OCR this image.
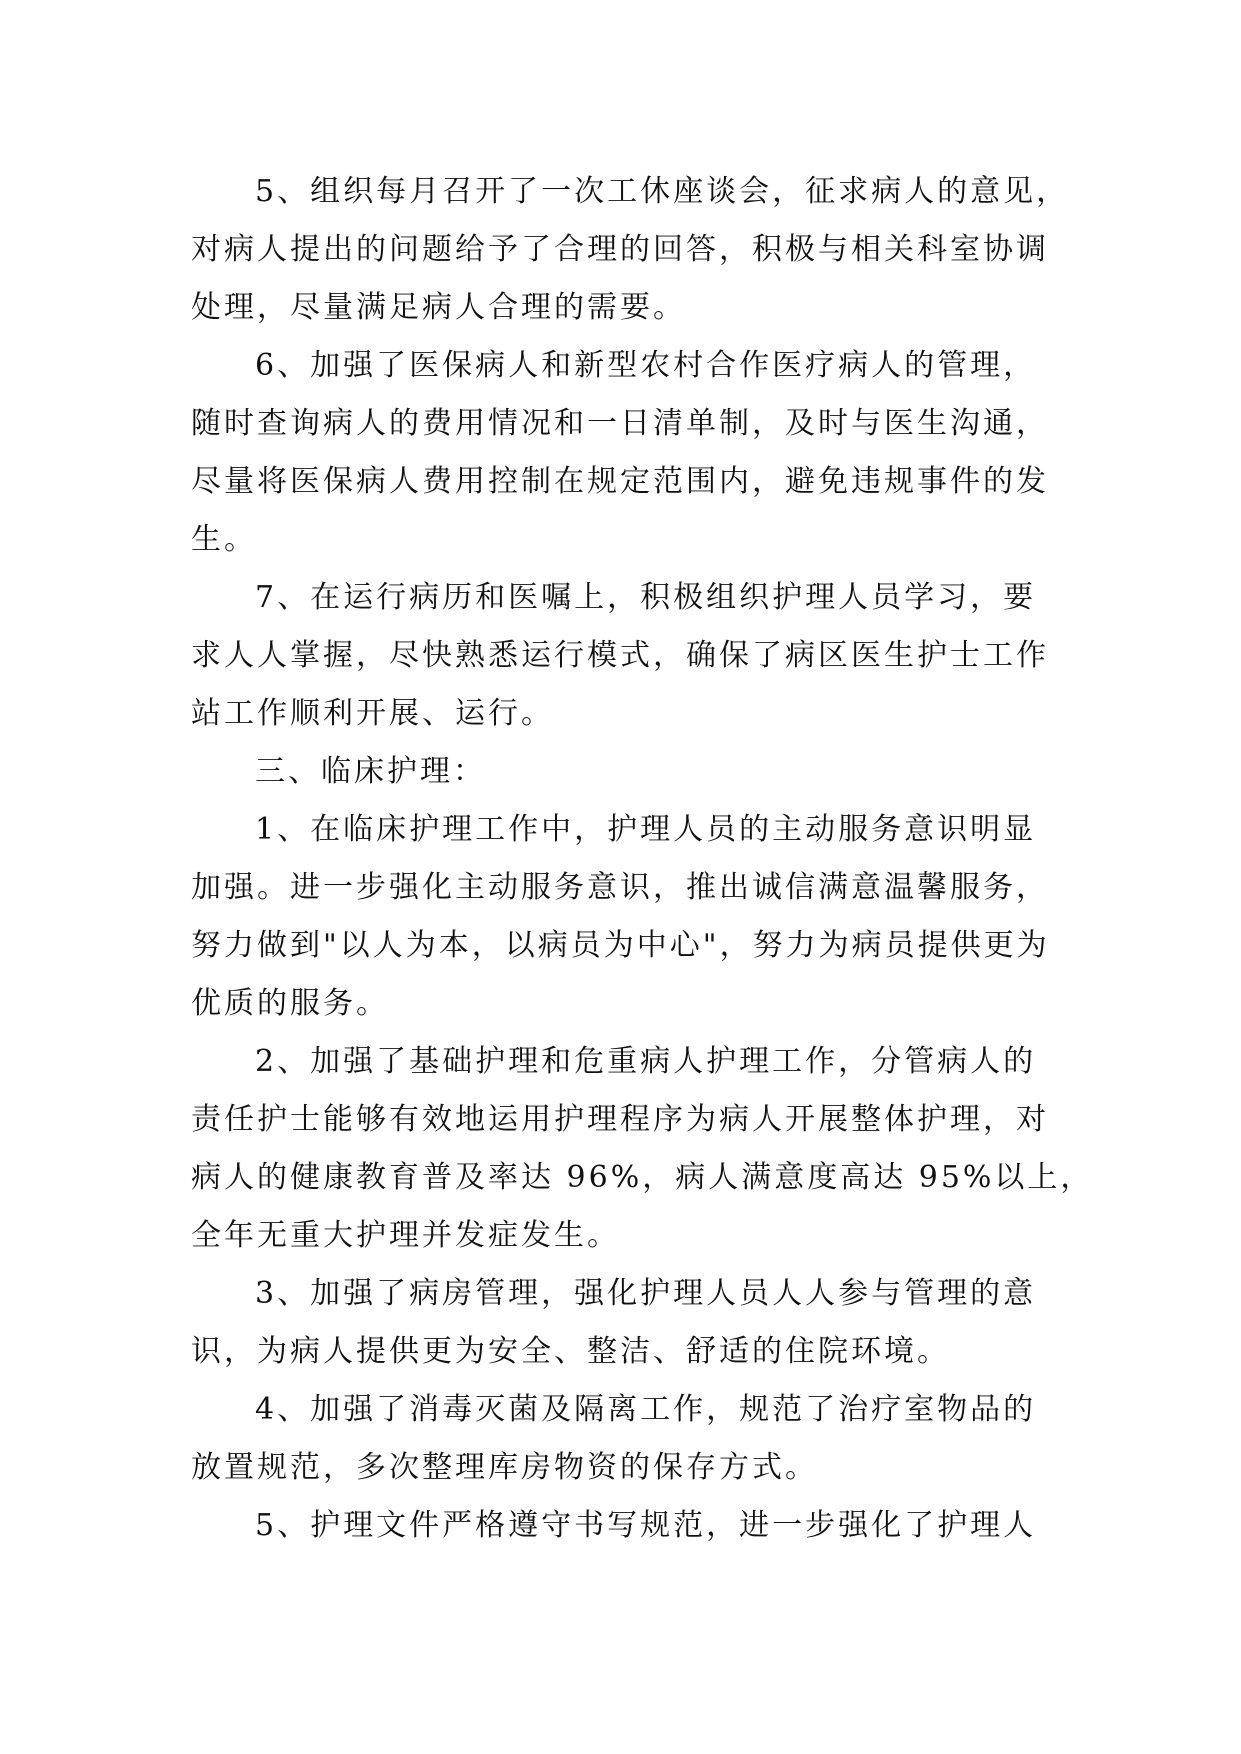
5、组织每月召开了一次工休座谈会，征求病人的意见，
对病人提出的问题给予了合理的回答，积极与相关科室协调
处理，尽量满足病人合理的需要。
6、加强了医保病人和新型农村合作医疗病人的管理，
随时查询病人的费用情况和一日清单制，及时与医生沟通，
尽量将医保病人费用控制在规定范围内，避免违规事件的发
生。
7、在运行病历和医嘱上，积极组织护理人员学习，要
求人人掌握，尽快熟悉运行模式，确保了病区医生护士工作
站工作顺利开展、运行。
三、临床护理：
1、在临床护理工作中，护理人员的主动服务意识明显
加强。进一步强化主动服务意识，推出诚信满意温馨服务，
努力做到"以人为本，以病员为中心"，努力为病员提供更为
优质的服务。
2、加强了基础护理和危重病人护理工作，分管病人的
责任护士能够有效地运用护理程序为病人开展整体护理，对
病人的健康教育普及率达 96%，病人满意度高达 95%以上，
全年无重大护理并发症发生。
3、加强了病房管理，强化护理人员人人参与管理的意
识，为病人提供更为安全、整洁、舒适的住院环境。
4、加强了消毒灭菌及隔离工作，规范了治疗室物品的
放置规范，多次整理库房物资的保存方式。
5、护理文件严格遵守书写规范，进一步强化了护理人
